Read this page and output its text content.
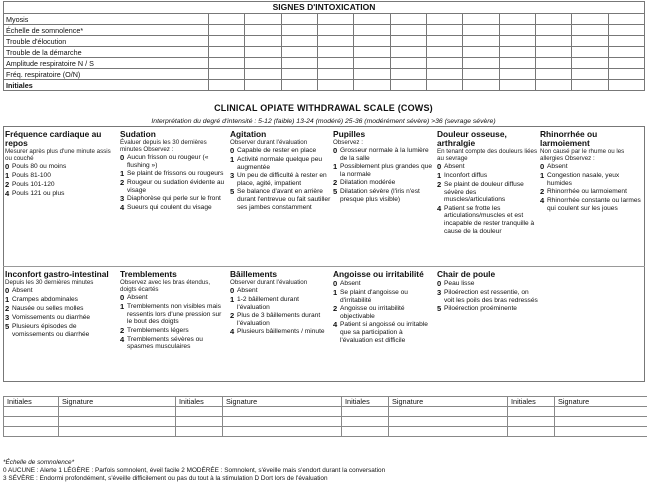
SIGNES D'INTOXICATION												
Myosis												
Échelle de somnolence*												
Trouble d'élocution												
Trouble de la démarche												
Amplitude respiratoire N / S												
Fréq. respiratoire (O/N)												
Initiales												
CLINICAL OPIATE WITHDRAWAL SCALE (COWS)
Interprétation du degré d'intensité : 5-12 (faible) 13-24 (modéré) 25-36 (modérément sévère) >36 (sevrage sévère)
Fréquence cardiaque au repos
Mesurer après plus d'une minute assis ou couché
0 Pouls 80 ou moins
1 Pouls 81-100
2 Pouls 101-120
4 Pouls 121 ou plus
Sudation
Évaluer depuis les 30 dernières minutes Observez :
0 Aucun frisson ou rougeur (« flushing »)
1 Se plaint de frissons ou rougeurs
2 Rougeur ou sudation évidente au visage
3 Diaphorèse qui perle sur le front
4 Sueurs qui coulent du visage
Agitation
Observer durant l'évaluation
0 Capable de rester en place
1 Activité normale quelque peu augmentée
3 Un peu de difficulté à rester en place, agité, impatient
5 Se balance d'avant en arrière durant l'entrevue ou fait sautiller ses jambes constamment
Pupilles
Observez :
0 Grosseur normale à la lumière de la salle
1 Possiblement plus grandes que la normale
2 Dilatation modérée
5 Dilatation sévère (l'iris n'est presque plus visible)
Douleur osseuse, arthralgie
En tenant compte des douleurs liées au sevrage
0 Absent
1 Inconfort diffus
2 Se plaint de douleur diffuse sévère des muscles/articulations
4 Patient se frotte les articulations/muscles et est incapable de rester tranquille à cause de la douleur
Rhinorrhée ou larmoiement
Non causé par le rhume ou les allergies Observez :
0 Absent
1 Congestion nasale, yeux humides
2 Rhinorrhée ou larmoiement
4 Rhinorrhée constante ou larmes qui coulent sur les joues
Inconfort gastro-intestinal
Depuis les 30 dernières minutes
0 Absent
1 Crampes abdominales
2 Nausée ou selles molles
3 Vomissements ou diarrhée
5 Plusieurs épisodes de vomissements ou diarrhée
Tremblements
Observez avec les bras étendus, doigts écartés
0 Absent
1 Tremblements non visibles mais ressentis lors d'une pression sur le bout des doigts
2 Tremblements légers
4 Tremblements sévères ou spasmes musculaires
Bâillements
Observer durant l'évaluation
0 Absent
1 1-2 bâillement durant l'évaluation
2 Plus de 3 bâillements durant l'évaluation
4 Plusieurs bâillements / minute
Angoisse ou irritabilité
0 Absent
1 Se plaint d'angoisse ou d'irritabilité
2 Angoisse ou irritabilité objectivable
4 Patient si angoissé ou irritable que sa participation à l'évaluation est difficile
Chair de poule
0 Peau lisse
3 Piloérection est ressentie, on voit les poils des bras redressés
5 Piloérection proéminente
Initiales	Signature	Initiales	Signature	Initiales	Signature	Initiales	Signature

*Échelle de somnolence*
0 AUCUNE : Alerte 1 LÉGÈRE : Parfois somnolent, éveil facile 2 MODÉRÉE : Somnolent, s'éveille mais s'endort durant la conversation
3 SÉVÈRE : Endormi profondément, s'éveille difficilement ou pas du tout à la stimulation D Dort lors de l'évaluation
